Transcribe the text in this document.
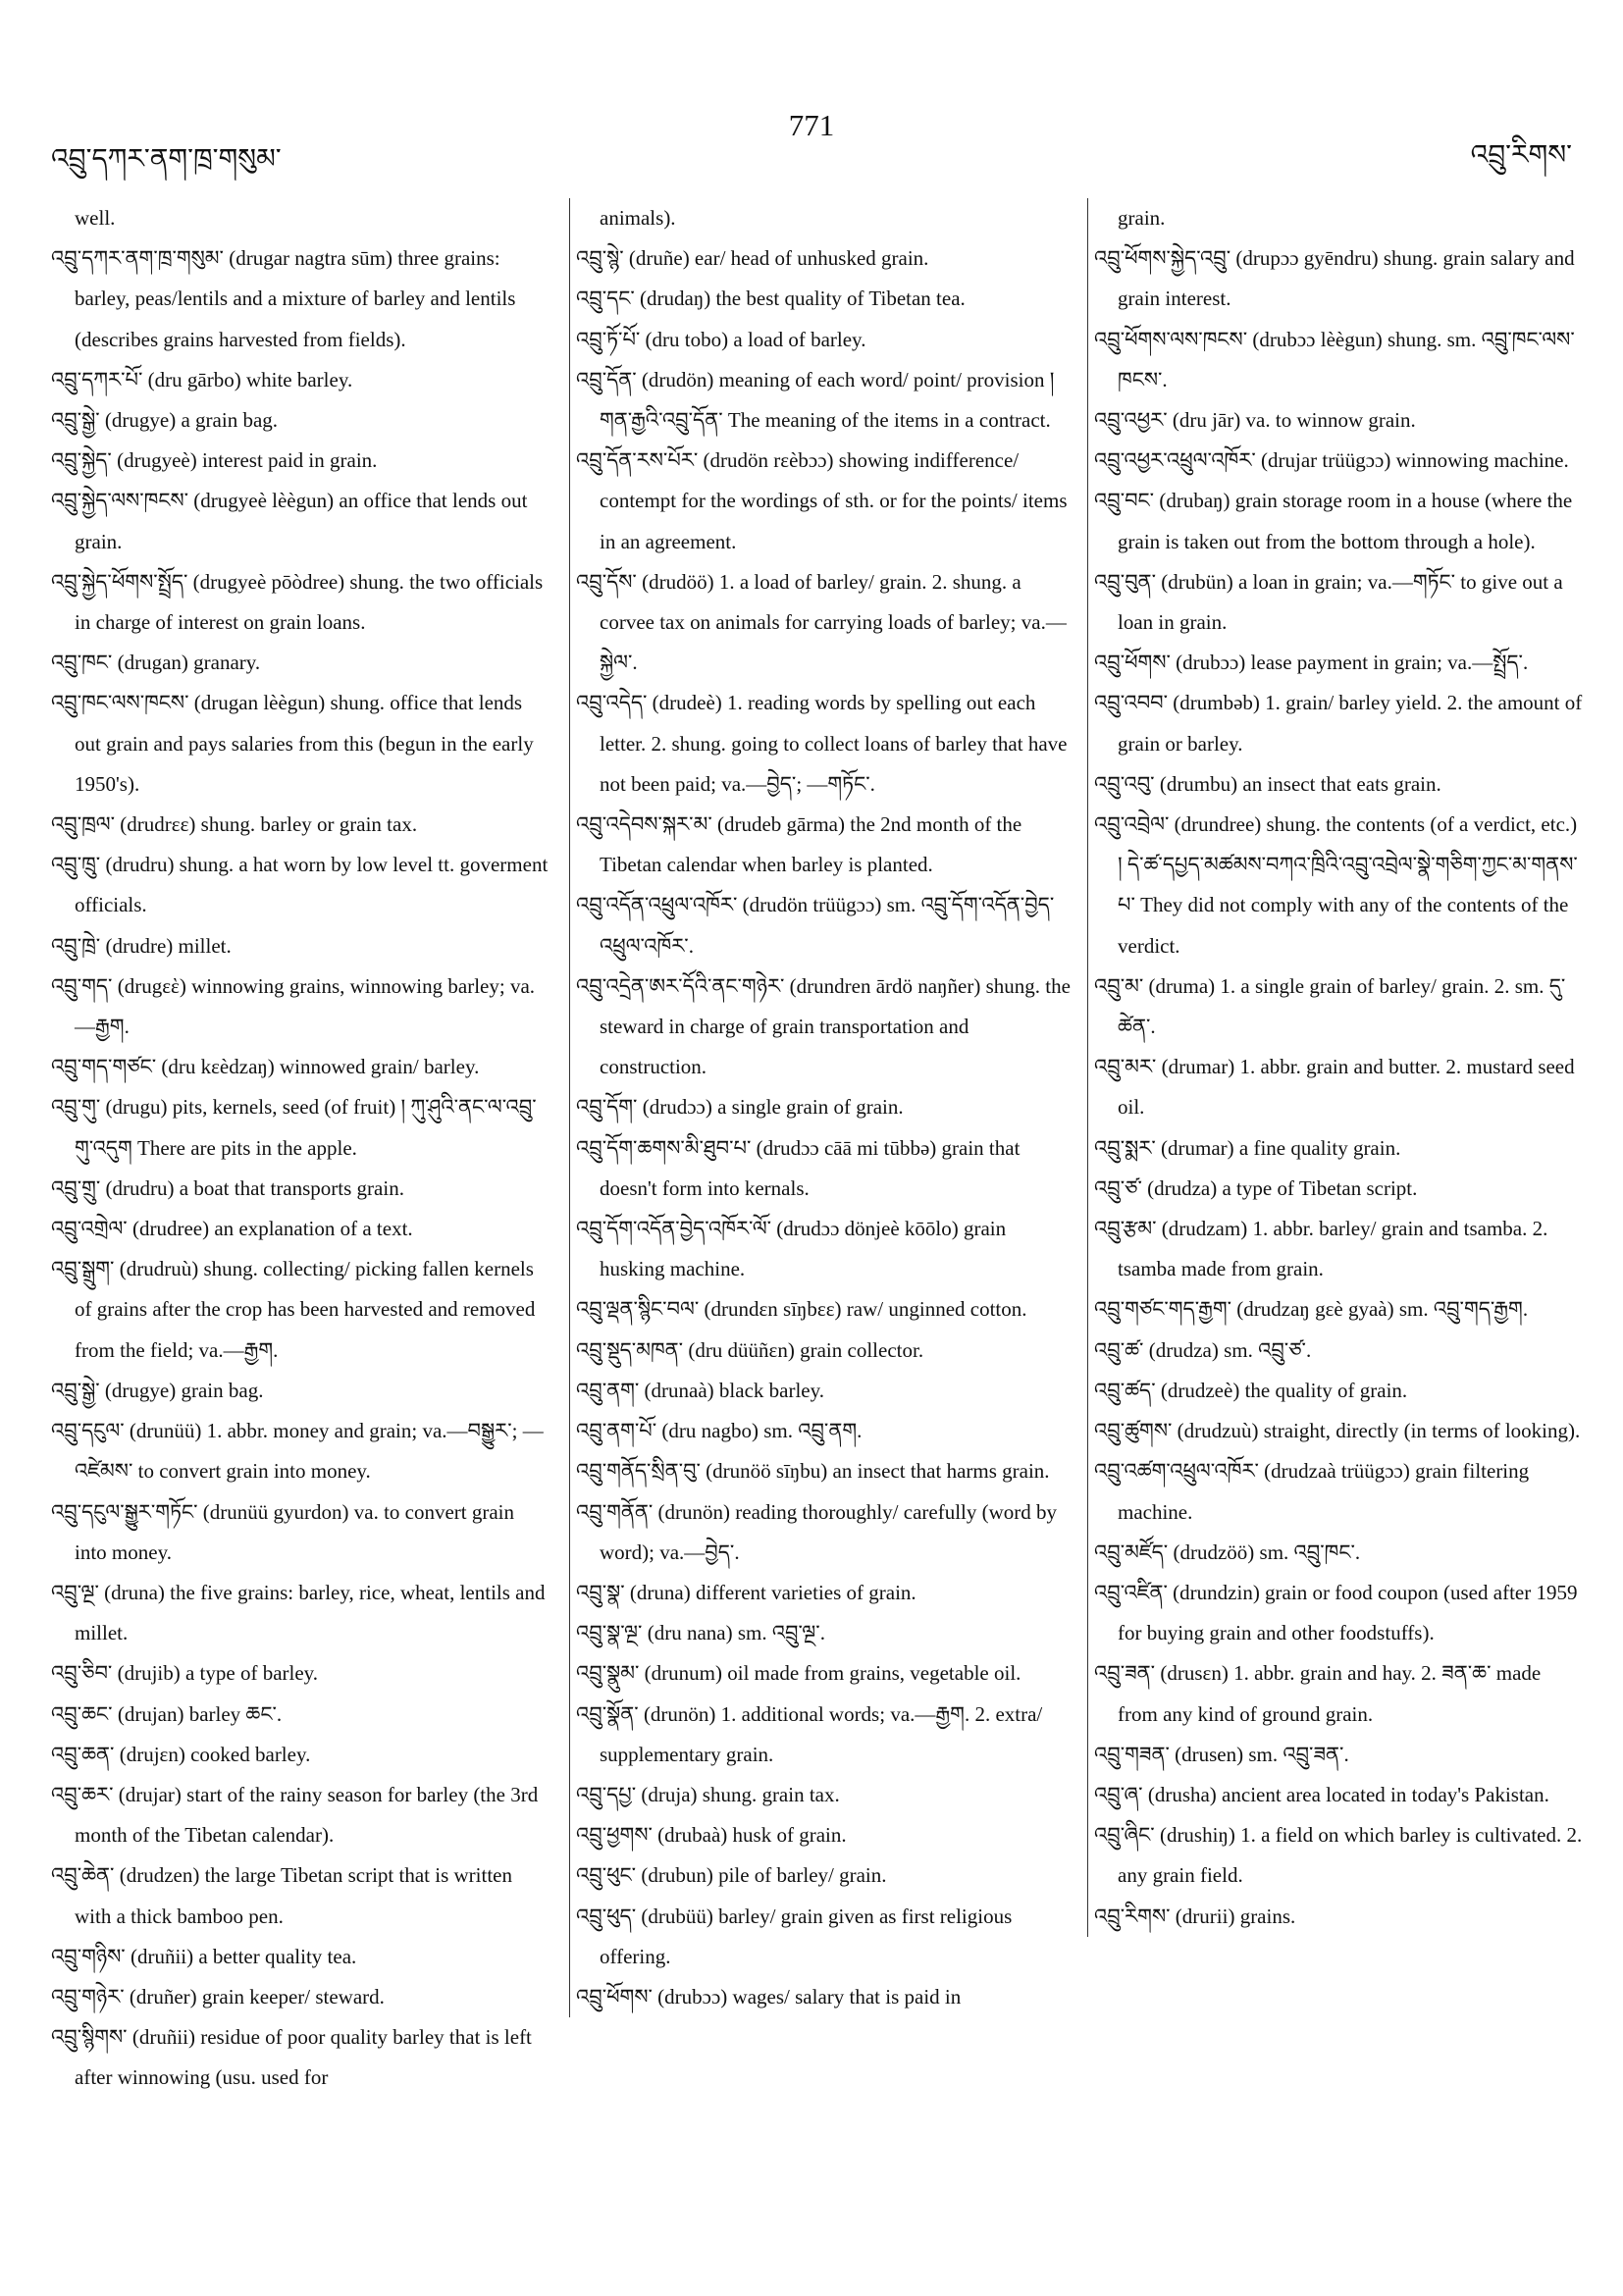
འབྲུ་དཀར་ནག་ཁྲ་གསུམ་
771
འབྲུ་རིགས་

well.

འབྲུ་དཀར་ནག་ཁྲ་གསུམ་ (drugar nagtra sūm) three grains: barley, peas/lentils and a mixture of barley and lentils (describes grains harvested from fields).

འབྲུ་དཀར་པོ་ (dru gārbo) white barley.

འབྲུ་སྒྱེ་ (drugye) a grain bag.

འབྲུ་སྐྱེད་ (drugyeè) interest paid in grain.

འབྲུ་སྐྱེད་ལས་ཁངས་ (drugyeè lèègun) an office that lends out grain.

འབྲུ་སྐྱེད་ཕོགས་སྤྲོད་ (drugyeè pōòdree) shung. the two officials in charge of interest on grain loans.

འབྲུ་ཁང་ (drugan) granary.

འབྲུ་ཁང་ལས་ཁངས་ (drugan lèègun) shung. office that lends out grain and pays salaries from this (begun in the early 1950's).

འབྲུ་ཁྲལ་ (drudrεε) shung. barley or grain tax.

འབྲུ་ཁྲུ་ (drudru) shung. a hat worn by low level tt. goverment officials.

འབྲུ་ཁྲེ་ (drudre) millet.

འབྲུ་གད་ (drugεὲ) winnowing grains, winnowing barley; va.—རྒྱག.

འབྲུ་གད་གཙང་ (dru kεèdzaŋ) winnowed grain/ barley.

འབྲུ་གུ་ (drugu) pits, kernels, seed (of fruit) ། ཀུ་ཤུའི་ནང་ལ་འབྲུ་གུ་འདུག There are pits in the apple.

འབྲུ་གྲུ་ (drudru) a boat that transports grain.

འབྲུ་འགྲེལ་ (drudree) an explanation of a text.

འབྲུ་སྒྲུག་ (drudruù) shung. collecting/ picking fallen kernels of grains after the crop has been harvested and removed from the field; va.—རྒྱག.

འབྲུ་སྒྱེ་ (drugye) grain bag.

འབྲུ་དངུལ་ (drunüü) 1. abbr. money and grain; va.—བསྒྱུར་; —འཛེམས་ to convert grain into money.

འབྲུ་དངུལ་སྒྱུར་གཏོང་ (drunüü gyurdon) va. to convert grain into money.

འབྲུ་ལྔ་ (druna) the five grains: barley, rice, wheat, lentils and millet.

འབྲུ་ཅིབ་ (drujib) a type of barley.

འབྲུ་ཆང་ (drujan) barley ཆང་.

འབྲུ་ཆན་ (drujεn) cooked barley.

འབྲུ་ཆར་ (drujar) start of the rainy season for barley (the 3rd month of the Tibetan calendar).

འབྲུ་ཆེན་ (drudzen) the large Tibetan script that is written with a thick bamboo pen.

འབྲུ་གཉིས་ (druñii) a better quality tea.

འབྲུ་གཉེར་ (druñer) grain keeper/ steward.

འབྲུ་སྙིགས་ (druñii) residue of poor quality barley that is left after winnowing (usu. used for

animals).

འབྲུ་སྙེ་ (druñe) ear/ head of unhusked grain.

འབྲུ་དང་ (drudaŋ) the best quality of Tibetan tea.

འབྲུ་ཏོ་པོ་ (dru tobo) a load of barley.

འབྲུ་དོན་ (drudön) meaning of each word/ point/ provision ། གན་རྒྱའི་འབྲུ་དོན་ The meaning of the items in a contract.

འབྲུ་དོན་རས་པོར་ (drudön rεèbɔɔ) showing indifference/ contempt for the wordings of sth. or for the points/ items in an agreement.

འབྲུ་དོས་ (drudöö) 1. a load of barley/ grain. 2. shung. a corvee tax on animals for carrying loads of barley; va.—སྐྱེལ་.

འབྲུ་འདེད་ (drudeè) 1. reading words by spelling out each letter. 2. shung. going to collect loans of barley that have not been paid; va.—བྱེད་; —གཏོང་.

འབྲུ་འདེབས་སྐར་མ་ (drudeb gārma) the 2nd month of the Tibetan calendar when barley is planted.

འབྲུ་འདོན་འཕྲུལ་འཁོར་ (drudön trüügɔɔ) sm. འབྲུ་དོག་འདོན་བྱེད་འཕྲུལ་འཁོར་.

འབྲུ་འདྲེན་ཨར་དོའི་ནང་གཉེར་ (drundren ārdö naŋñer) shung. the steward in charge of grain transportation and construction.

འབྲུ་དོག་ (drudɔɔ) a single grain of grain.

འབྲུ་དོག་ཆགས་མི་ཐུབ་པ་ (drudɔɔ cāā mi tūbbə) grain that doesn't form into kernals.

འབྲུ་དོག་འདོན་བྱེད་འཁོར་ལོ་ (drudɔɔ dönjeè kōōlo) grain husking machine.

འབྲུ་ལྡན་སྙིང་བལ་ (drundεn sīŋbεε) raw/ unginned cotton.

འབྲུ་སྡུད་མཁན་ (dru düüñεn) grain collector.

འབྲུ་ནག་ (drunaà) black barley.

འབྲུ་ནག་པོ་ (dru nagbo) sm. འབྲུ་ནག.

འབྲུ་གནོད་སྲིན་བུ་ (drunöö sīŋbu) an insect that harms grain.

འབྲུ་གནོན་ (drunön) reading thoroughly/ carefully (word by word); va.—བྱེད་.

འབྲུ་སྣ་ (druna) different varieties of grain.

འབྲུ་སྣ་ལྔ་ (dru nana) sm. འབྲུ་ལྔ་.

འབྲུ་སྣུམ་ (drunum) oil made from grains, vegetable oil.

འབྲུ་སྣོན་ (drunön) 1. additional words; va.—རྒྱག. 2. extra/ supplementary grain.

འབྲུ་དཔྱ་ (druja) shung. grain tax.

འབྲུ་ཕྱགས་ (drubaà) husk of grain.

འབྲུ་ཕུང་ (drubun) pile of barley/ grain.

འབྲུ་ཕུད་ (drubüü) barley/ grain given as first religious offering.

འབྲུ་ཕོགས་ (drubɔɔ) wages/ salary that is paid in

grain.

འབྲུ་ཕོགས་སྐྱེད་འབྲུ་ (drupɔɔ gyēndru) shung. grain salary and grain interest.

འབྲུ་ཕོགས་ལས་ཁངས་ (drubɔɔ lèègun) shung. sm. འབྲུ་ཁང་ལས་ཁངས་.

འབྲུ་འཕྱར་ (dru jār) va. to winnow grain.

འབྲུ་འཕྱར་འཕྲུལ་འཁོར་ (drujar trüügɔɔ) winnowing machine.

འབྲུ་བང་ (drubaŋ) grain storage room in a house (where the grain is taken out from the bottom through a hole).

འབྲུ་བུན་ (drubün) a loan in grain; va.—གཏོང་ to give out a loan in grain.

འབྲུ་ཕོགས་ (drubɔɔ) lease payment in grain; va.—སྤྲོད་.

འབྲུ་འབབ་ (drumbəb) 1. grain/ barley yield. 2. the amount of grain or barley.

འབྲུ་འབུ་ (drumbu) an insect that eats grain.

འབྲུ་འབྲེལ་ (drundree) shung. the contents (of a verdict, etc.) ། དེ་ཚ་དཔྱད་མཚམས་བཀའ་ཁྲིའི་འབྲུ་འབྲེལ་སྣེ་གཅིག་ཀྱང་མ་གནས་པ་ They did not comply with any of the contents of the verdict.

འབྲུ་མ་ (druma) 1. a single grain of barley/ grain. 2. sm. དུ་ཚེན་.

འབྲུ་མར་ (drumar) 1. abbr. grain and butter. 2. mustard seed oil.

འབྲུ་སྨར་ (drumar) a fine quality grain.

འབྲུ་ཙ་ (drudza) a type of Tibetan script.

འབྲུ་རྩམ་ (drudzam) 1. abbr. barley/ grain and tsamba. 2. tsamba made from grain.

འབྲུ་གཙང་གད་རྒྱག་ (drudzaŋ gεè gyaà) sm. འབྲུ་གད་རྒྱག.

འབྲུ་ཚ་ (drudza) sm. འབྲུ་ཙ་.

འབྲུ་ཚད་ (drudzeè) the quality of grain.

འབྲུ་ཚུགས་ (drudzuù) straight, directly (in terms of looking).

འབྲུ་འཚག་འཕྲུལ་འཁོར་ (drudzaà trüügɔɔ) grain filtering machine.

འབྲུ་མཛོད་ (drudzöö) sm. འབྲུ་ཁང་.

འབྲུ་འཛིན་ (drundzin) grain or food coupon (used after 1959 for buying grain and other foodstuffs).

འབྲུ་ཟན་ (drusεn) 1. abbr. grain and hay. 2. ཟན་ཆ་ made from any kind of ground grain.

འབྲུ་གཟན་ (drusen) sm. འབྲུ་ཟན་.

འབྲུ་ཞ་ (drusha) ancient area located in today's Pakistan.

འབྲུ་ཞིང་ (drushiŋ) 1. a field on which barley is cultivated. 2. any grain field.

འབྲུ་རིགས་ (drurii) grains.
